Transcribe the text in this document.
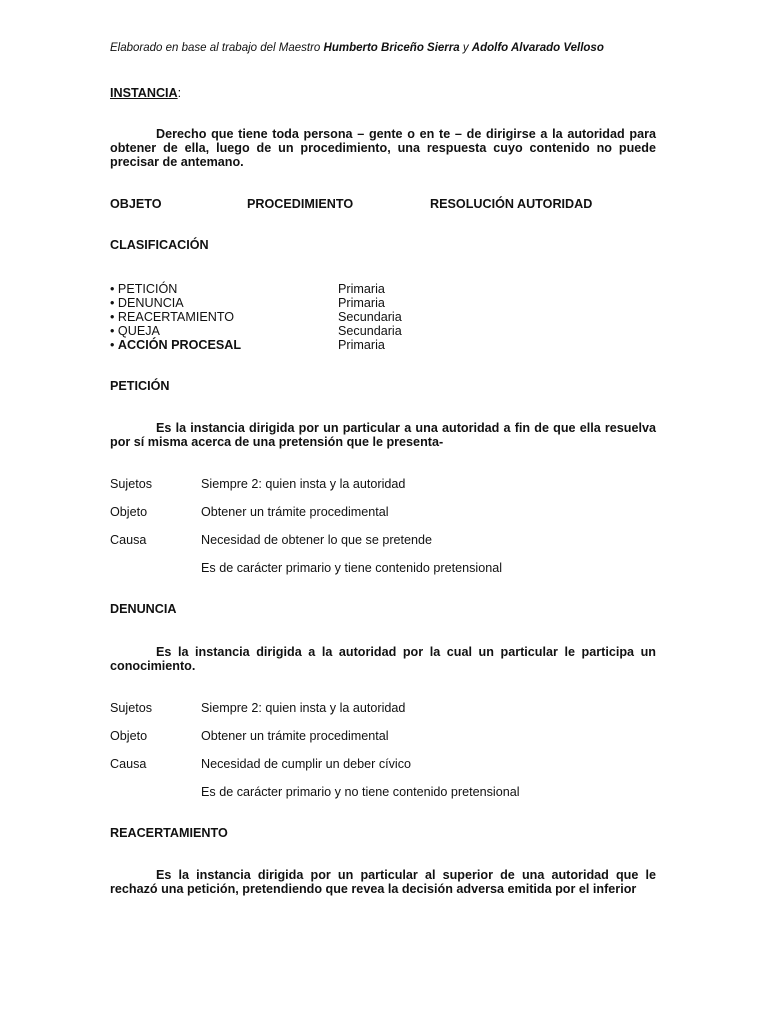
Elaborado en base al trabajo del Maestro Humberto Briceño Sierra y Adolfo Alvarado Velloso
INSTANCIA:
Derecho que tiene toda persona – gente o en te – de dirigirse a la autoridad para obtener de ella, luego de un procedimiento, una respuesta cuyo contenido no puede precisar de antemano.
OBJETO	PROCEDIMIENTO	RESOLUCIÓN AUTORIDAD
CLASIFICACIÓN
• PETICIÓN	Primaria
• DENUNCIA	Primaria
• REACERTAMIENTO	Secundaria
• QUEJA	Secundaria
• ACCIÓN PROCESAL	Primaria
PETICIÓN
Es la instancia dirigida por un particular a una autoridad a fin de que ella resuelva por sí misma acerca de una pretensión que le presenta-
Sujetos	Siempre 2: quien insta y la autoridad
Objeto	Obtener un trámite procedimental
Causa	Necesidad de obtener lo que se pretende
Es de carácter primario y tiene contenido pretensional
DENUNCIA
Es la instancia dirigida a la autoridad por la cual un particular le participa un conocimiento.
Sujetos	Siempre 2: quien insta y la autoridad
Objeto	Obtener un trámite procedimental
Causa	Necesidad de cumplir un deber cívico
Es de carácter primario y no tiene contenido pretensional
REACERTAMIENTO
Es la instancia dirigida por un particular al superior de una autoridad que le rechazó una petición, pretendiendo que revea la decisión adversa emitida por el inferior
